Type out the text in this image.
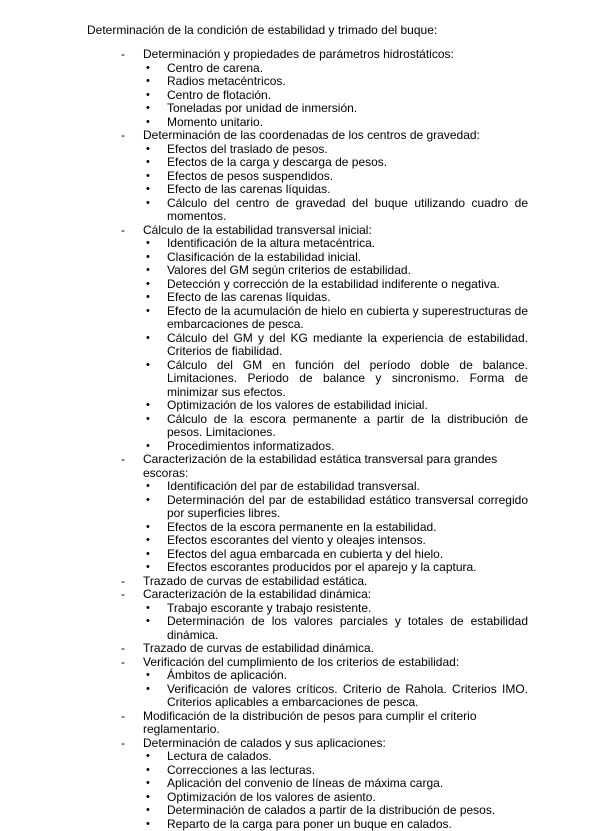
Determinación de la condición de estabilidad y trimado del buque:
- Determinación y propiedades de parámetros hidrostáticos:
• Centro de carena.
• Radios metacéntricos.
• Centro de flotación.
• Toneladas por unidad de inmersión.
• Momento unitario.
- Determinación de las coordenadas de los centros de gravedad:
• Efectos del traslado de pesos.
• Efectos de la carga y descarga de pesos.
• Efectos de pesos suspendidos.
• Efecto de las carenas líquidas.
• Cálculo del centro de gravedad del buque utilizando cuadro de momentos.
- Cálculo de la estabilidad transversal inicial:
• Identificación de la altura metacéntrica.
• Clasificación de la estabilidad inicial.
• Valores del GM según criterios de estabilidad.
• Detección y corrección de la estabilidad indiferente o negativa.
• Efecto de las carenas líquidas.
• Efecto de la acumulación de hielo en cubierta y superestructuras de embarcaciones de pesca.
• Cálculo del GM y del KG mediante la experiencia de estabilidad. Criterios de fiabilidad.
• Cálculo del GM en función del período doble de balance. Limitaciones. Periodo de balance y sincronismo. Forma de minimizar sus efectos.
• Optimización de los valores de estabilidad inicial.
• Cálculo de la escora permanente a partir de la distribución de pesos. Limitaciones.
• Procedimientos informatizados.
- Caracterización de la estabilidad estática transversal para grandes escoras:
• Identificación del par de estabilidad transversal.
• Determinación del par de estabilidad estático transversal corregido por superficies libres.
• Efectos de la escora permanente en la estabilidad.
• Efectos escorantes del viento y oleajes intensos.
• Efectos del agua embarcada en cubierta y del hielo.
• Efectos escorantes producidos por el aparejo y la captura.
- Trazado de curvas de estabilidad estática.
- Caracterización de la estabilidad dinámica:
• Trabajo escorante y trabajo resistente.
• Determinación de los valores parciales y totales de estabilidad dinámica.
- Trazado de curvas de estabilidad dinámica.
- Verificación del cumplimiento de los criterios de estabilidad:
• Ámbitos de aplicación.
• Verificación de valores críticos. Criterio de Rahola. Criterios IMO. Criterios aplicables a embarcaciones de pesca.
- Modificación de la distribución de pesos para cumplir el criterio reglamentario.
- Determinación de calados y sus aplicaciones:
• Lectura de calados.
• Correcciones a las lecturas.
• Aplicación del convenio de líneas de máxima carga.
• Optimización de los valores de asiento.
• Determinación de calados a partir de la distribución de pesos.
• Reparto de la carga para poner un buque en calados.
